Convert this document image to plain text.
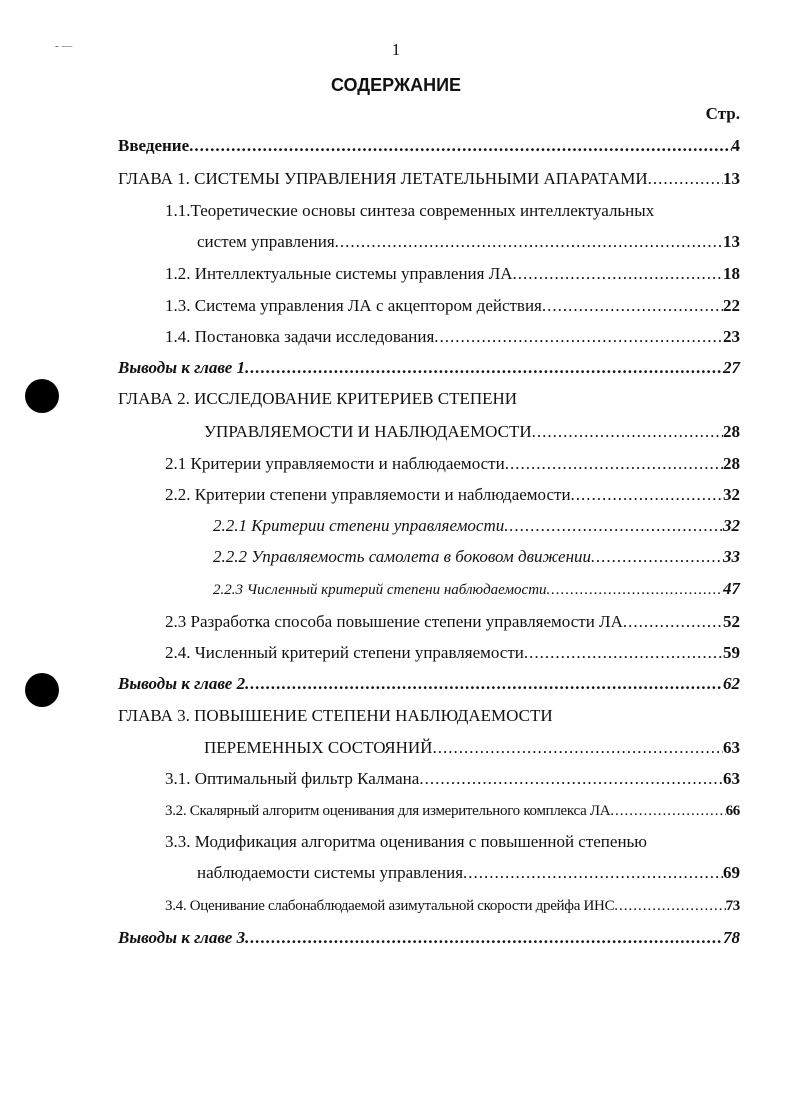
- —	1
СОДЕРЖАНИЕ
Стр.
Введение .....	4
ГЛАВА 1. СИСТЕМЫ УПРАВЛЕНИЯ ЛЕТАТЕЛЬНЫМИ АПАРАТАМИ .....	13
1.1.Теоретические основы синтеза современных интеллектуальных
систем управления .....	13
1.2. Интеллектуальные системы управления ЛА .....	18
1.3. Система управления ЛА с акцептором действия .....	22
1.4. Постановка задачи исследования .....	23
Выводы к главе 1 .....	27
ГЛАВА 2. ИССЛЕДОВАНИЕ КРИТЕРИЕВ СТЕПЕНИ
УПРАВЛЯЕМОСТИ И НАБЛЮДАЕМОСТИ .....	28
2.1 Критерии управляемости и наблюдаемости .....	28
2.2. Критерии степени управляемости и наблюдаемости .....	32
2.2.1 Критерии степени управляемости .....	32
2.2.2 Управляемость самолета в боковом движении .....	33
2.2.3 Численный критерий степени наблюдаемости .....	47
2.3 Разработка способа повышение степени управляемости ЛА .....	52
2.4. Численный критерий степени управляемости .....	59
Выводы к главе 2 .....	62
ГЛАВА 3. ПОВЫШЕНИЕ СТЕПЕНИ НАБЛЮДАЕМОСТИ
ПЕРЕМЕННЫХ СОСТОЯНИЙ .....	63
3.1. Оптимальный фильтр Калмана .....	63
3.2. Скалярный алгоритм оценивания для измерительного комплекса ЛА .....	66
3.3. Модификация алгоритма оценивания с повышенной степенью
наблюдаемости системы управления .....	69
3.4. Оценивание слабонаблюдаемой азимутальной скорости дрейфа ИНС .....	73
Выводы к главе 3 .....	78
